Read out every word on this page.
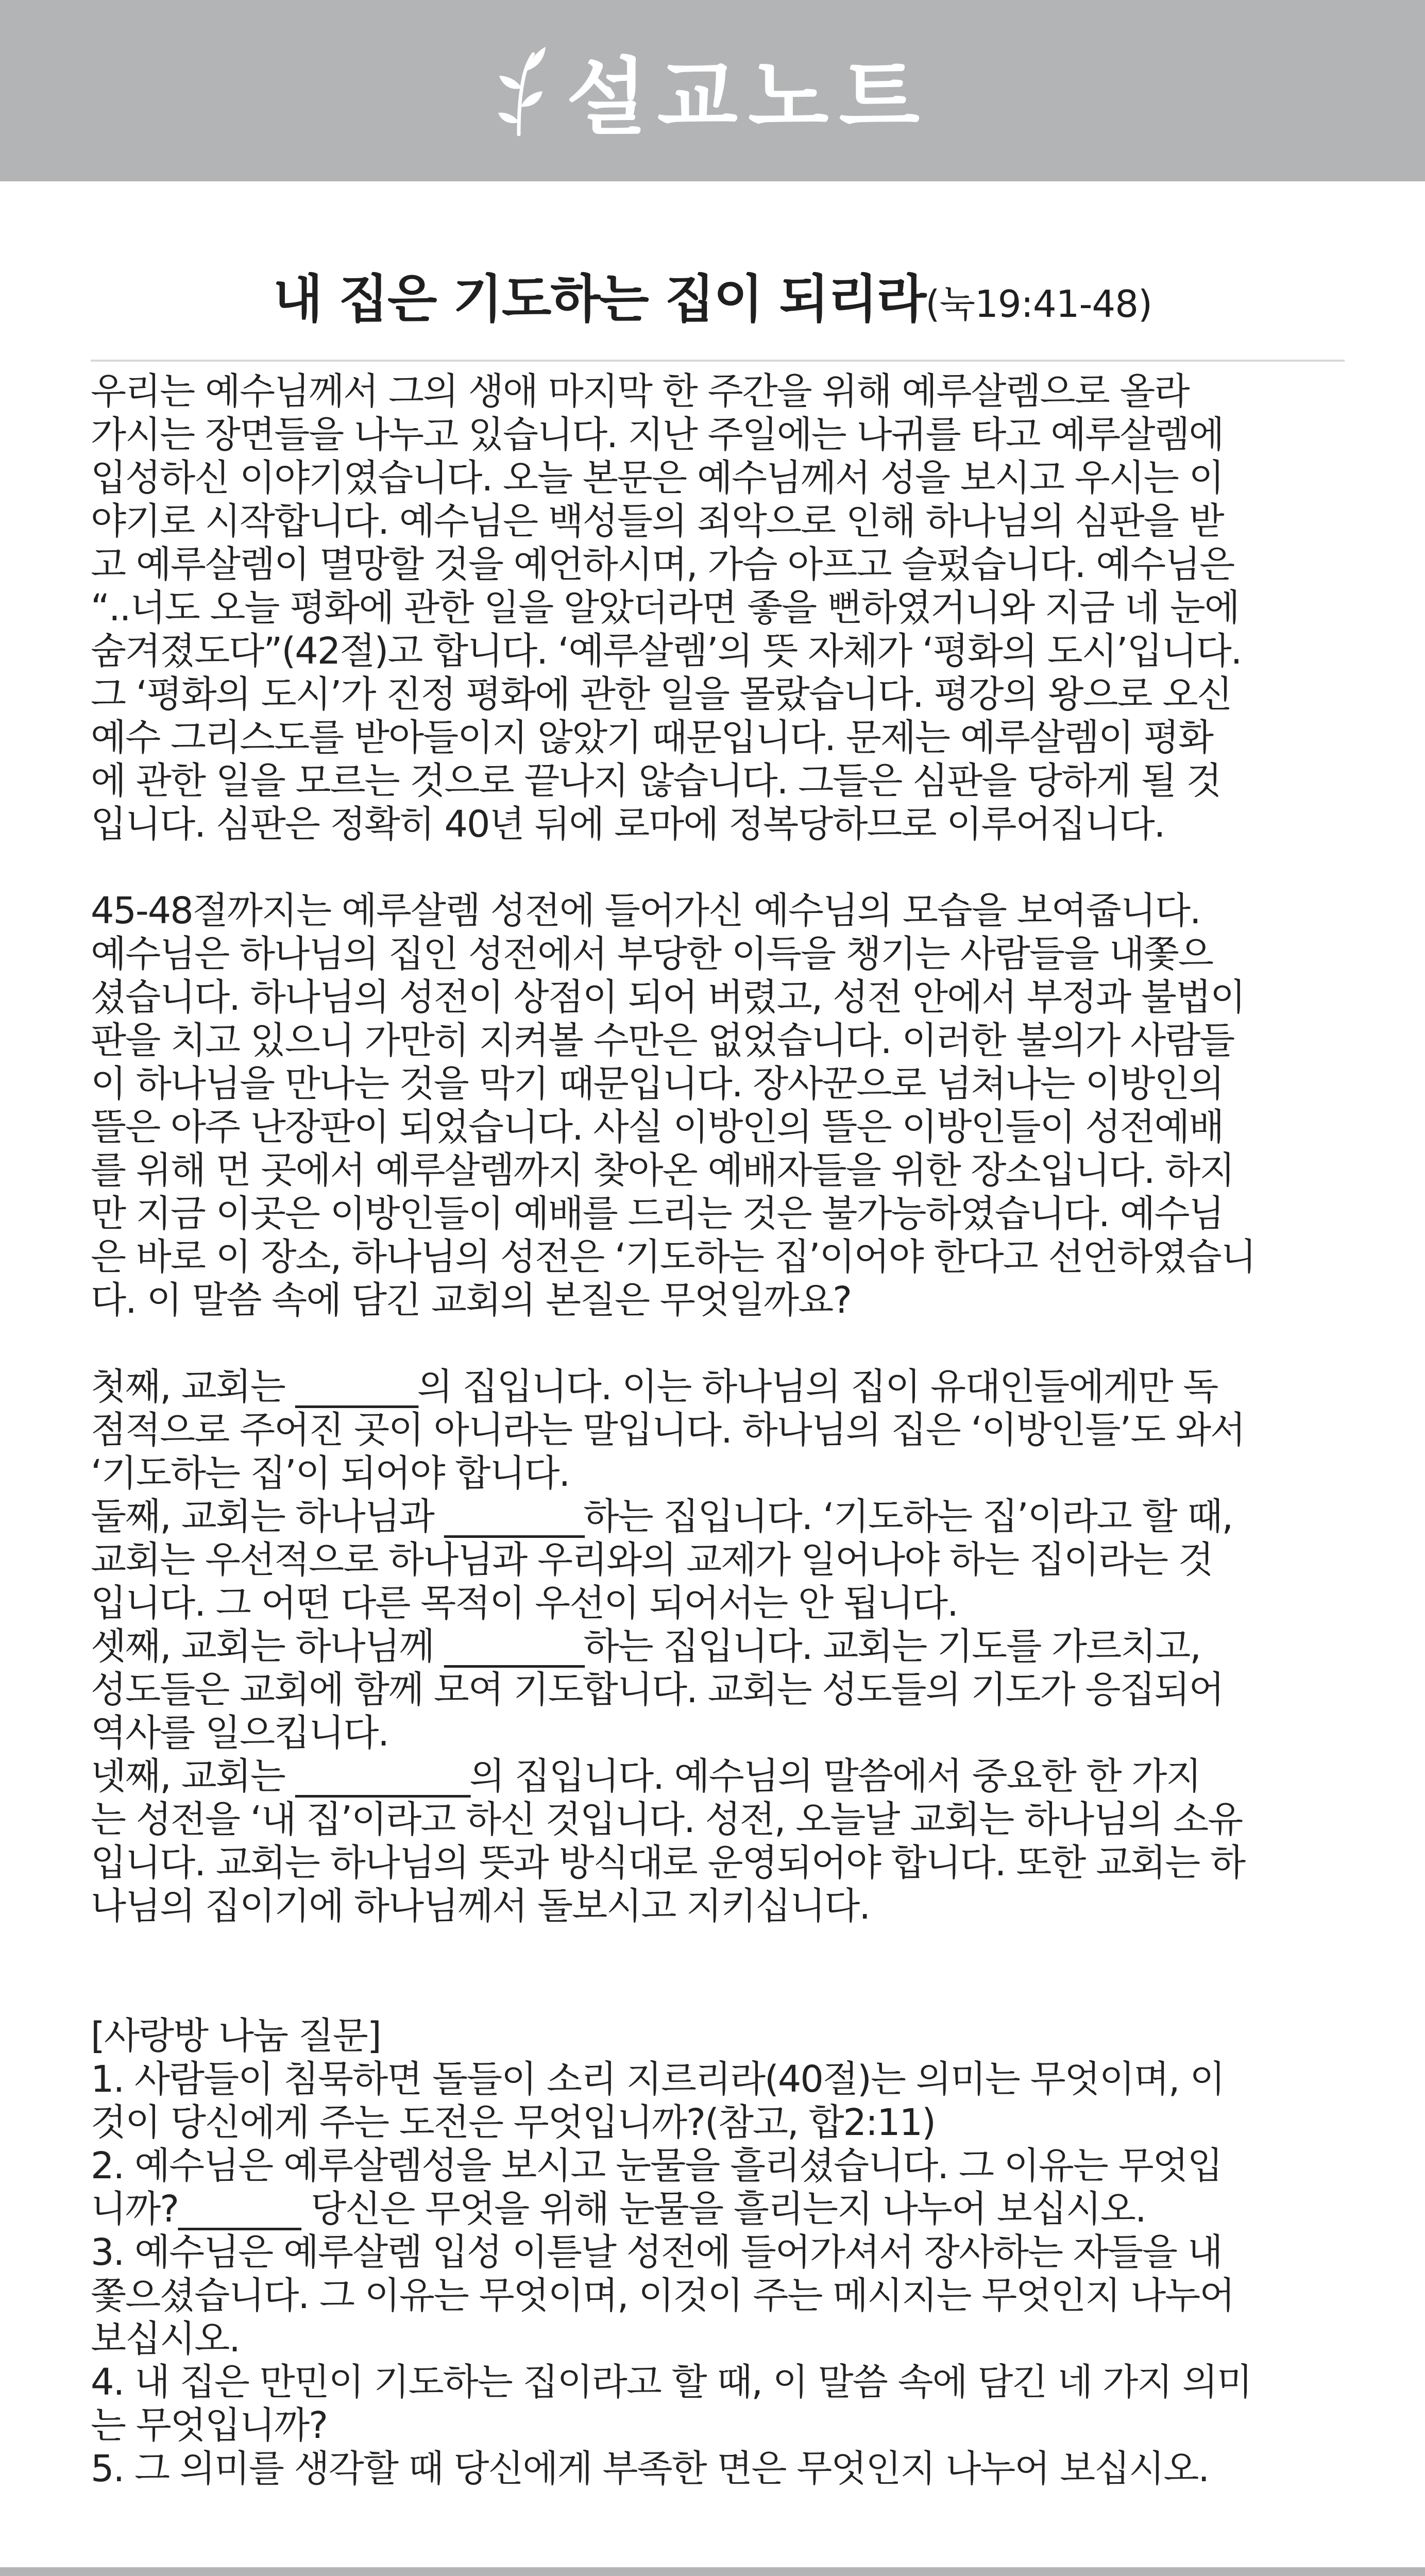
설교노트
내 집은 기도하는 집이 되리라(눅19:41-48)
우리는 예수님께서 그의 생애 마지막 한 주간을 위해 예루살렘으로 올라
가시는 장면들을 나누고 있습니다. 지난 주일에는 나귀를 타고 예루살렘에
입성하신 이야기였습니다. 오늘 본문은 예수님께서 성을 보시고 우시는 이
야기로 시작합니다. 예수님은 백성들의 죄악으로 인해 하나님의 심판을 받
고 예루살렘이 멸망할 것을 예언하시며, 가슴 아프고 슬펐습니다. 예수님은
“..너도 오늘 평화에 관한 일을 알았더라면 좋을 뻔하였거니와 지금 네 눈에
숨겨졌도다”(42절)고 합니다. ‘예루살렘’의 뜻 자체가 ‘평화의 도시’입니다.
그 ‘평화의 도시’가 진정 평화에 관한 일을 몰랐습니다. 평강의 왕으로 오신
예수 그리스도를 받아들이지 않았기 때문입니다. 문제는 예루살렘이 평화
에 관한 일을 모르는 것으로 끝나지 않습니다. 그들은 심판을 당하게 될 것
입니다. 심판은 정확히 40년 뒤에 로마에 정복당하므로 이루어집니다.
45-48절까지는 예루살렘 성전에 들어가신 예수님의 모습을 보여줍니다.
예수님은 하나님의 집인 성전에서 부당한 이득을 챙기는 사람들을 내쫓으
셨습니다. 하나님의 성전이 상점이 되어 버렸고, 성전 안에서 부정과 불법이
판을 치고 있으니 가만히 지켜볼 수만은 없었습니다. 이러한 불의가 사람들
이 하나님을 만나는 것을 막기 때문입니다. 장사꾼으로 넘쳐나는 이방인의
뜰은 아주 난장판이 되었습니다. 사실 이방인의 뜰은 이방인들이 성전예배
를 위해 먼 곳에서 예루살렘까지 찾아온 예배자들을 위한 장소입니다. 하지
만 지금 이곳은 이방인들이 예배를 드리는 것은 불가능하였습니다. 예수님
은 바로 이 장소, 하나님의 성전은 ‘기도하는 집’이어야 한다고 선언하였습니
다. 이 말씀 속에 담긴 교회의 본질은 무엇일까요?
첫째, 교회는 _______의 집입니다. 이는 하나님의 집이 유대인들에게만 독
점적으로 주어진 곳이 아니라는 말입니다. 하나님의 집은 ‘이방인들’도 와서
‘기도하는 집’이 되어야 합니다.
둘째, 교회는 하나님과 ________하는 집입니다. ‘기도하는 집’이라고 할 때,
교회는 우선적으로 하나님과 우리와의 교제가 일어나야 하는 집이라는 것
입니다. 그 어떤 다른 목적이 우선이 되어서는 안 됩니다.
셋째, 교회는 하나님께 ________하는 집입니다. 교회는 기도를 가르치고,
성도들은 교회에 함께 모여 기도합니다. 교회는 성도들의 기도가 응집되어
역사를 일으킵니다.
넷째, 교회는 __________의 집입니다. 예수님의 말씀에서 중요한 한 가지
는 성전을 ‘내 집’이라고 하신 것입니다. 성전, 오늘날 교회는 하나님의 소유
입니다. 교회는 하나님의 뜻과 방식대로 운영되어야 합니다. 또한 교회는 하
나님의 집이기에 하나님께서 돌보시고 지키십니다.
[사랑방 나눔 질문]
1. 사람들이 침묵하면 돌들이 소리 지르리라(40절)는 의미는 무엇이며, 이
것이 당신에게 주는 도전은 무엇입니까?(참고, 합2:11)
2. 예수님은 예루살렘성을 보시고 눈물을 흘리셨습니다. 그 이유는 무엇입
니까?_______ 당신은 무엇을 위해 눈물을 흘리는지 나누어 보십시오.
3. 예수님은 예루살렘 입성 이튿날 성전에 들어가셔서 장사하는 자들을 내
쫓으셨습니다. 그 이유는 무엇이며, 이것이 주는 메시지는 무엇인지 나누어
보십시오.
4. 내 집은 만민이 기도하는 집이라고 할 때, 이 말씀 속에 담긴 네 가지 의미
는 무엇입니까?
5. 그 의미를 생각할 때 당신에게 부족한 면은 무엇인지 나누어 보십시오.
